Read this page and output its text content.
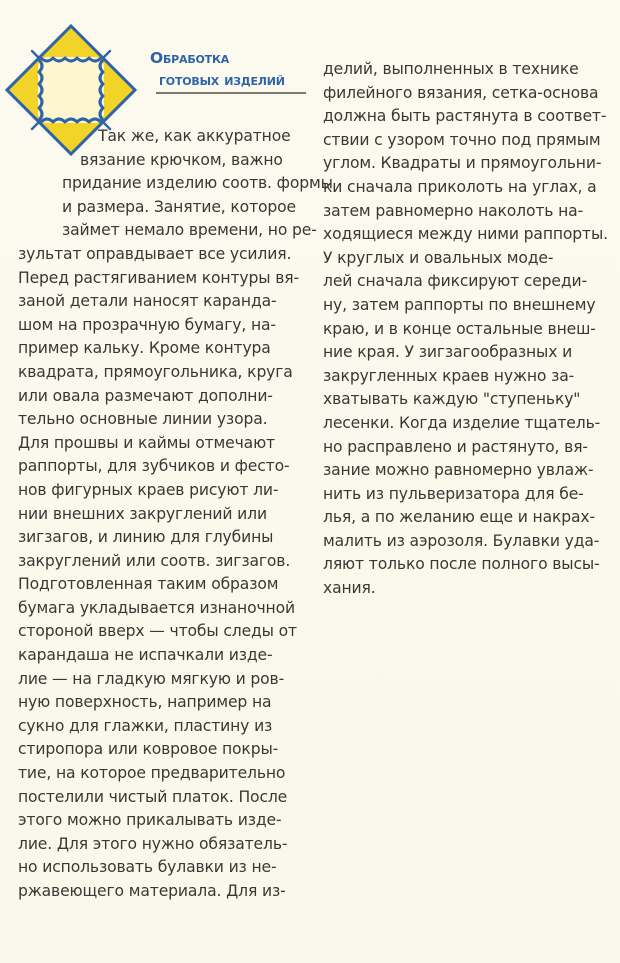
Обработка
готовых изделий
Так же, как аккуратное
вязание крючком, важно
придание изделию соотв. формы
и размера. Занятие, которое
займет немало времени, но ре-
зультат оправдывает все усилия.
Перед растягиванием контуры вя-
заной детали наносят карандa-
шом на прозрачную бумагу, на-
пример кальку. Кроме контура
квадрата, прямоугольника, круга
или овала размечают дополни-
тельно основные линии узора.
Для прошвы и каймы отмечают
раппорты, для зубчиков и фесто-
нов фигурных краев рисуют ли-
нии внешних закруглений или
зигзагов, и линию для глубины
закруглений или соотв. зигзагов.
Подготовленная таким образом
бумага укладывается изнаночной
стороной вверх — чтобы следы от
карандаша не испачкали изде-
лие — на гладкую мягкую и ров-
ную поверхность, например на
сукно для глажки, пластину из
стиропора или ковровое покры-
тие, на которое предварительно
постелили чистый платок. После
этого можно прикалывать изде-
лие. Для этого нужно обязатель-
но использовать булавки из не-
ржавеющего материала. Для из-
делий, выполненных в технике
филейного вязания, сетка-основа
должна быть растянута в соответ-
ствии с узором точно под прямым
углом. Квадраты и прямоугольни-
ки сначала приколоть на углах, а
затем равномерно наколоть на-
ходящиеся между ними раппорты.
У круглых и овальных моде-
лей сначала фиксируют середи-
ну, затем раппорты по внешнему
краю, и в конце остальные внеш-
ние края. У зигзагообразных и
закругленных краев нужно за-
хватывать каждую "ступеньку"
лесенки. Когда изделие тщатель-
но расправлено и растянуто, вя-
зание можно равномерно увлаж-
нить из пульверизатора для бе-
лья, а по желанию еще и накрах-
малить из аэрозоля. Булавки уда-
ляют только после полного высы-
хания.
